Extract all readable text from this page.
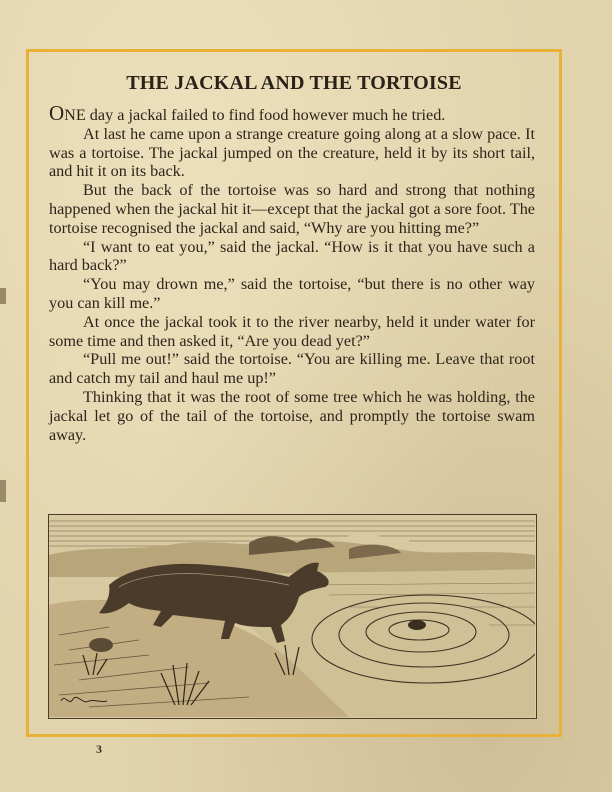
THE JACKAL AND THE TORTOISE

ONE day a jackal failed to find food however much he tried.

At last he came upon a strange creature going along at a slow pace. It was a tortoise. The jackal jumped on the creature, held it by its short tail, and hit it on its back.

But the back of the tortoise was so hard and strong that nothing happened when the jackal hit it—except that the jackal got a sore foot. The tortoise recognised the jackal and said, “Why are you hitting me?”

“I want to eat you,” said the jackal. “How is it that you have such a hard back?”

“You may drown me,” said the tortoise, “but there is no other way you can kill me.”

At once the jackal took it to the river nearby, held it under water for some time and then asked it, “Are you dead yet?”

“Pull me out!” said the tortoise. “You are killing me. Leave that root and catch my tail and haul me up!”

Thinking that it was the root of some tree which he was holding, the jackal let go of the tail of the tortoise, and promptly the tortoise swam away.

3
